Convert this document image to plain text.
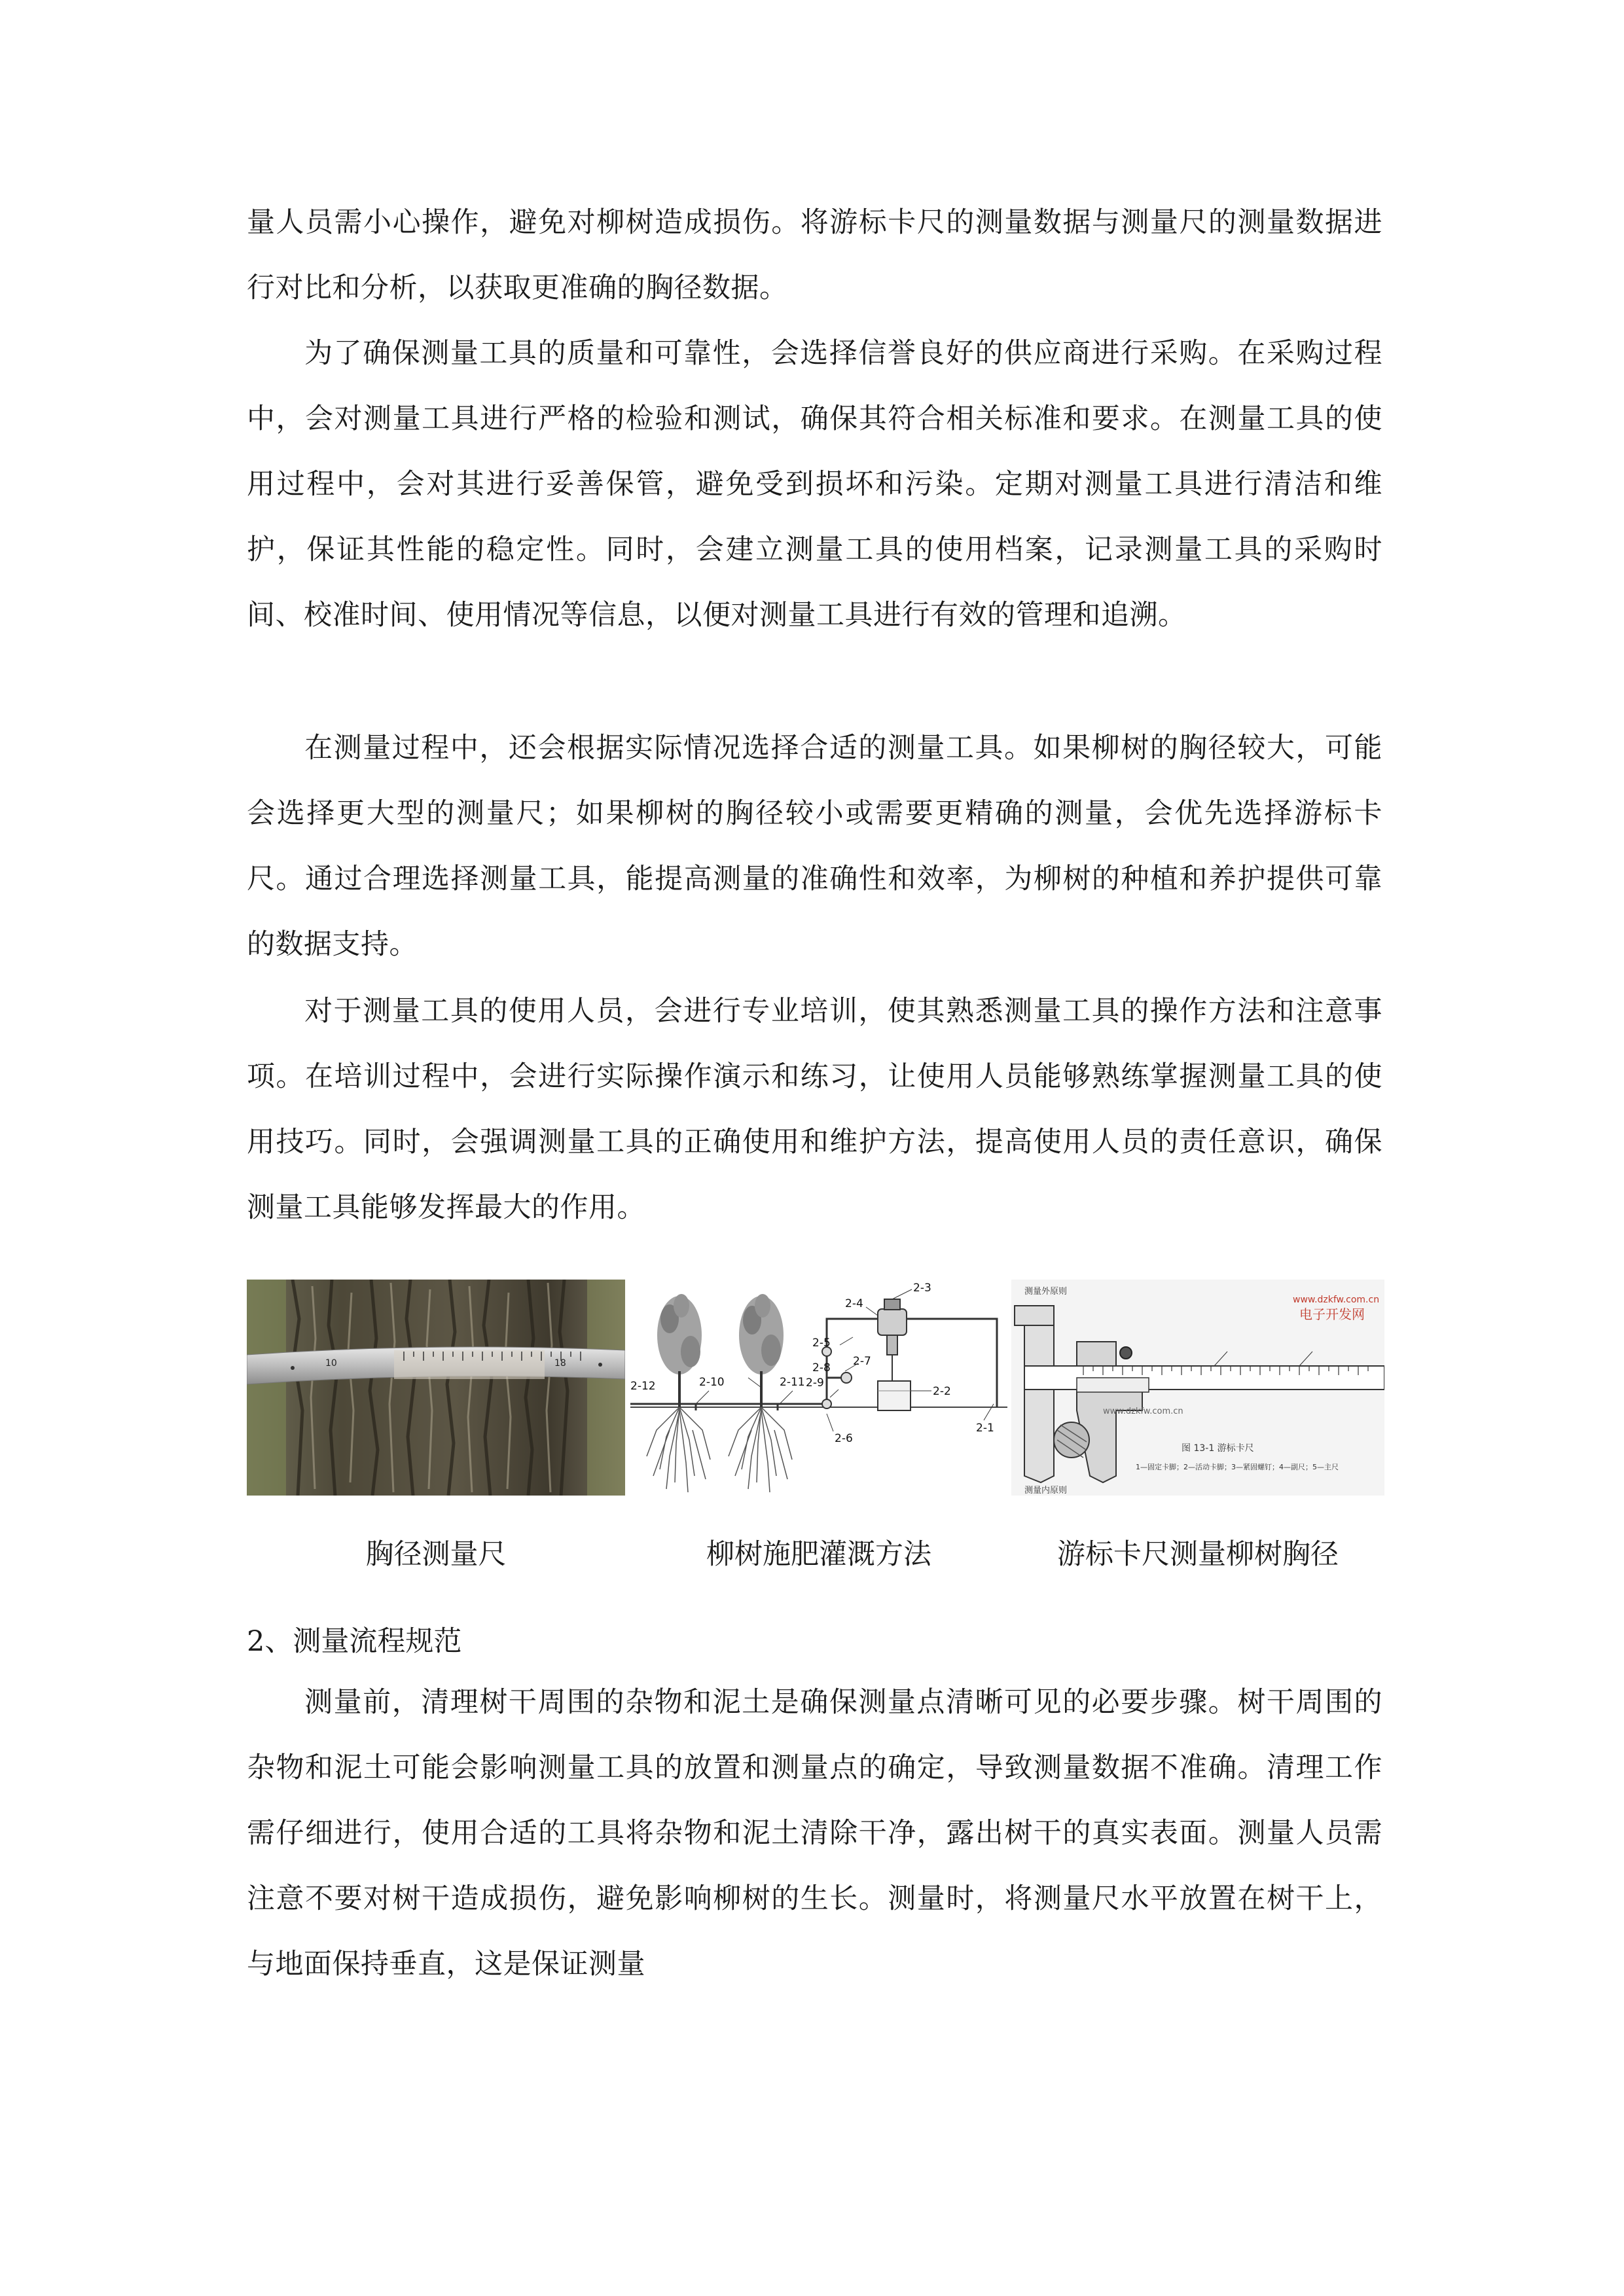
量人员需小心操作，避免对柳树造成损伤。将游标卡尺的测量数据与测量尺的测量数据进行对比和分析，以获取更准确的胸径数据。

为了确保测量工具的质量和可靠性，会选择信誉良好的供应商进行采购。在采购过程中，会对测量工具进行严格的检验和测试，确保其符合相关标准和要求。在测量工具的使用过程中，会对其进行妥善保管，避免受到损坏和污染。定期对测量工具进行清洁和维护，保证其性能的稳定性。同时，会建立测量工具的使用档案，记录测量工具的采购时间、校准时间、使用情况等信息，以便对测量工具进行有效的管理和追溯。

在测量过程中，还会根据实际情况选择合适的测量工具。如果柳树的胸径较大，可能会选择更大型的测量尺；如果柳树的胸径较小或需要更精确的测量，会优先选择游标卡尺。通过合理选择测量工具，能提高测量的准确性和效率，为柳树的种植和养护提供可靠的数据支持。

对于测量工具的使用人员，会进行专业培训，使其熟悉测量工具的操作方法和注意事项。在培训过程中，会进行实际操作演示和练习，让使用人员能够熟练掌握测量工具的使用技巧。同时，会强调测量工具的正确使用和维护方法，提高使用人员的责任意识，确保测量工具能够发挥最大的作用。

10	18
2-3
2-4
2-5
2-7
2-8
2-9
2-10	2-11
2-12	2-2
2-6
2-1
测量外原则
测量内原则
www.dzkfw.com.cn
电子开发网
www.dzkfw.com.cn
图 13-1 游标卡尺
1—固定卡脚；2—活动卡脚；3—紧固螺钉；4—副尺；5—主尺
胸径测量尺	柳树施肥灌溉方法	游标卡尺测量柳树胸径

2、测量流程规范

测量前，清理树干周围的杂物和泥土是确保测量点清晰可见的必要步骤。树干周围的杂物和泥土可能会影响测量工具的放置和测量点的确定，导致测量数据不准确。清理工作需仔细进行，使用合适的工具将杂物和泥土清除干净，露出树干的真实表面。测量人员需注意不要对树干造成损伤，避免影响柳树的生长。测量时，将测量尺水平放置在树干上，与地面保持垂直，这是保证测量
